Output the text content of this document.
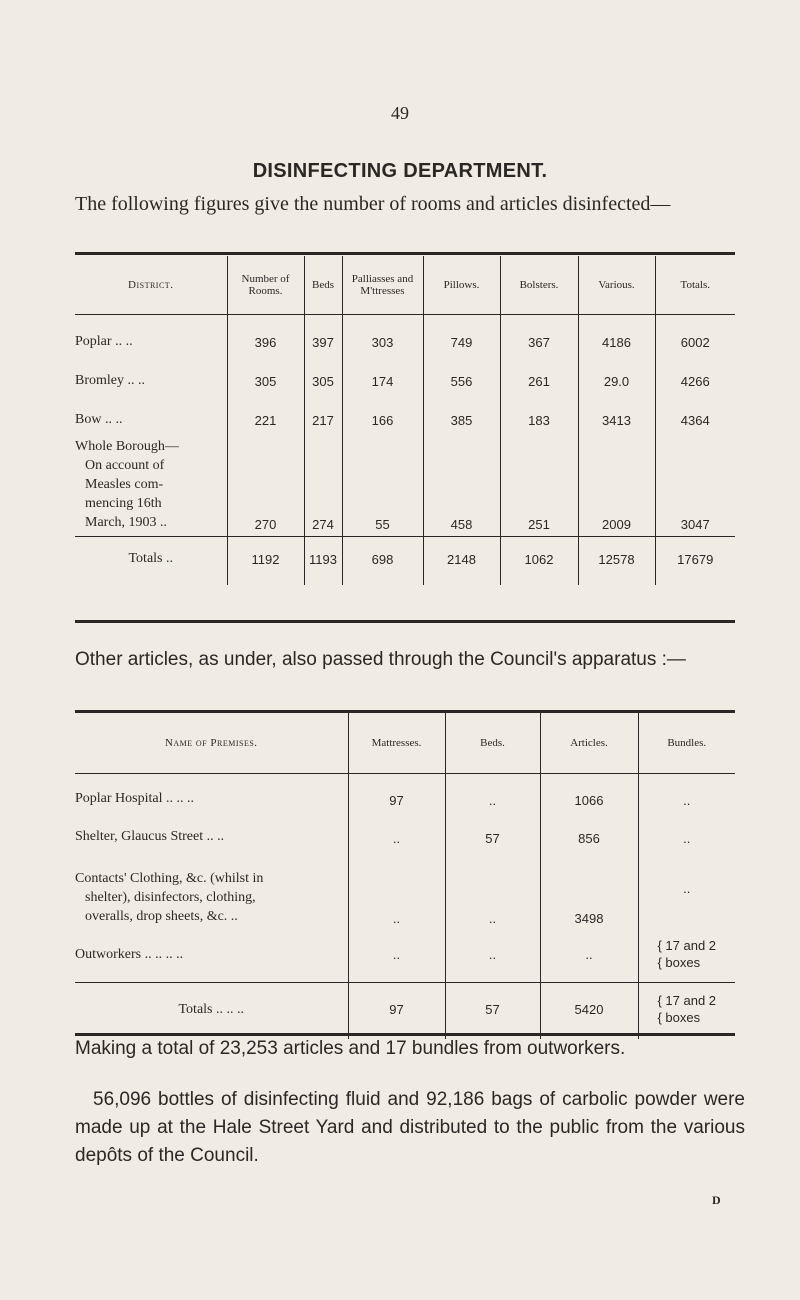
49
DISINFECTING DEPARTMENT.
The following figures give the number of rooms and articles disinfected—
District.	Number of Rooms.	Beds	Palliasses and M'ttresses	Pillows.	Bolsters.	Various.	Totals.
Poplar .. ..	396	397	303	749	367	4186	6002
Bromley .. ..	305	305	174	556	261	29.0	4266
Bow .. ..	221	217	166	385	183	3413	4364

Whole Borough—
On account of
Measles com-
mencing 16th
March, 1903 ..	270	274	55	458	251	2009	3047
Totals ..	1192	1193	698	2148	1062	12578	17679
Other articles, as under, also passed through the Council's apparatus :—
Name of Premises.	Mattresses.	Beds.	Articles.	Bundles.
Poplar Hospital .. .. ..	97	..	1066	..
Shelter, Glaucus Street .. ..	..	57	856	..

Contacts' Clothing, &c. (whilst in
shelter), disinfectors, clothing,
overalls, drop sheets, &c. ..	..	..	3498	..
Outworkers .. .. .. ..	..	..	..	{ 17 and 2
{ boxes
Totals .. .. ..	97	57	5420	{ 17 and 2
{ boxes
Making a total of 23,253 articles and 17 bundles from outworkers.
56,096 bottles of disinfecting fluid and 92,186 bags of carbolic powder were made up at the Hale Street Yard and distributed to the public from the various depôts of the Council.
D
